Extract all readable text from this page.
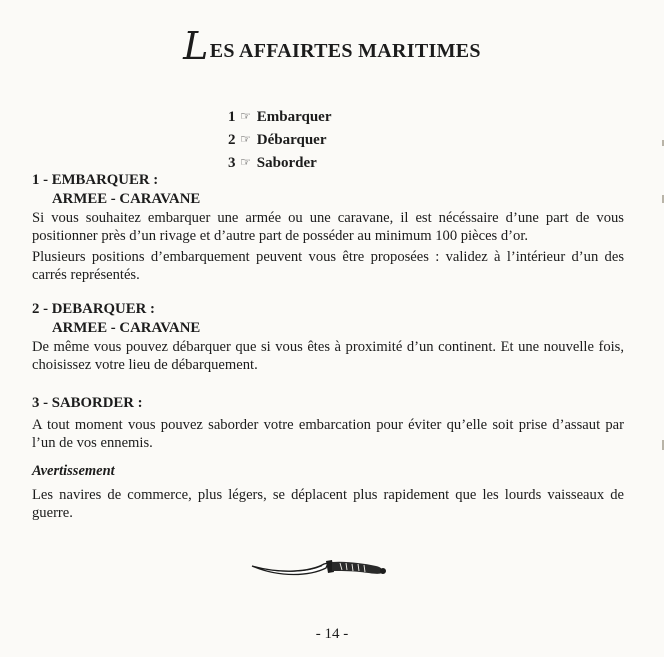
LES AFFAIRTES MARITIMES
1 ☞ Embarquer
2 ☞ Débarquer
3 ☞ Saborder
1 - EMBARQUER :
ARMEE - CARAVANE

Si vous souhaitez embarquer une armée ou une caravane, il est nécéssaire d’une part de vous positionner près d’un rivage et d’autre part de posséder au minimum 100 pièces d’or.

Plusieurs positions d’embarquement peuvent vous être proposées : validez à l’intérieur d’un des carrés représentés.

2 - DEBARQUER :
ARMEE - CARAVANE

De même vous pouvez débarquer que si vous êtes à proximité d’un continent. Et une nouvelle fois, choisissez votre lieu de débarquement.

3 - SABORDER :

A tout moment vous pouvez saborder votre embarcation pour éviter qu’elle soit prise d’assaut par l’un de vos ennemis.

Avertissement

Les navires de commerce, plus légers, se déplacent plus rapidement que les lourds vaisseaux de guerre.

- 14 -
